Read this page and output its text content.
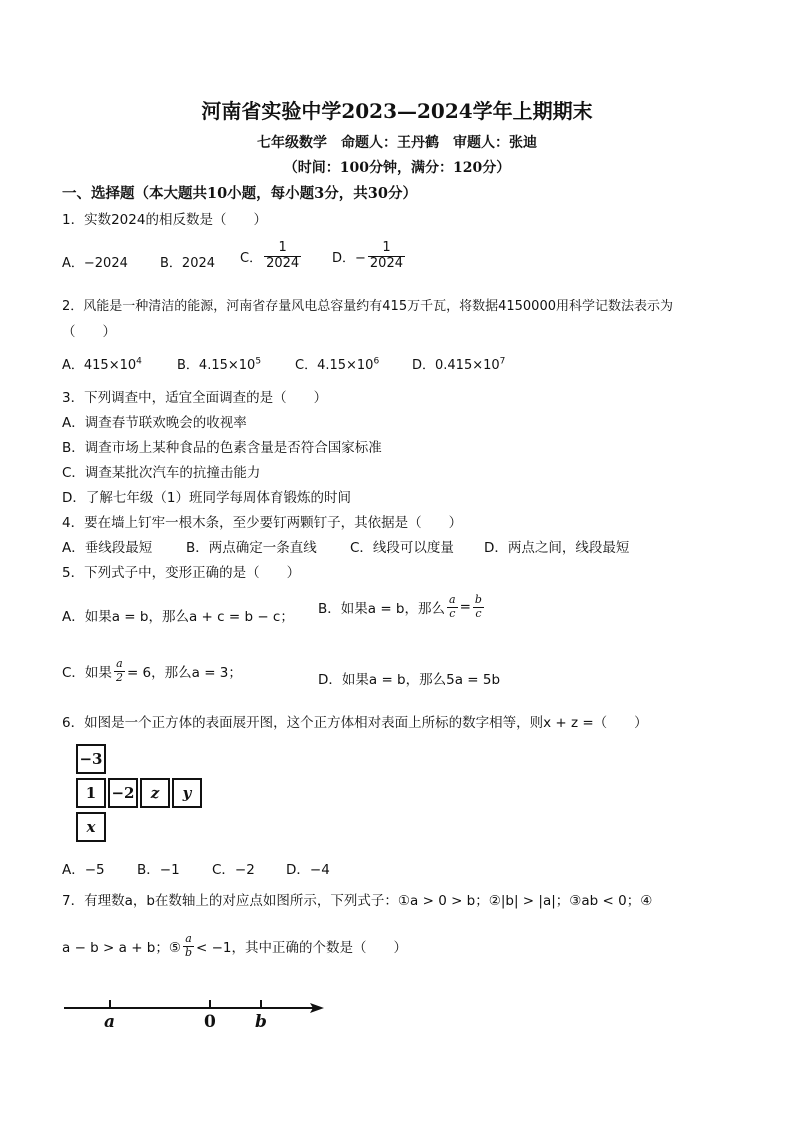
河南省实验中学2023—2024学年上期期末
七年级数学　命题人：王丹鹤　审题人：张迪
（时间：100分钟，满分：120分）
一、选择题（本大题共10小题，每小题3分，共30分）
1．实数2024的相反数是（　　）
A．−2024 B．2024 C． $\frac{1}{2024}$ D．− $\frac{1}{2024}$
2．风能是一种清洁的能源，河南省存量风电总容量约有415万千瓦，将数据4150000用科学记数法表示为
（　　）
A．$415\times 10^4$	B．$4.15\times 10^5$	C．$4.15\times 10^6$	D．$0.415\times 10^7$
3．下列调查中，适宜全面调查的是（　　）
A．调查春节联欢晚会的收视率
B．调查市场上某种食品的色素含量是否符合国家标准
C．调查某批次汽车的抗撞击能力
D．了解七年级（1）班同学每周体育锻炼的时间
4．要在墙上钉牢一根木条，至少要钉两颗钉子，其依据是（　　）
A．垂线段最短	B．两点确定一条直线 C．线段可以度量 D．两点之间，线段最短
5．下列式子中，变形正确的是（　　）
A．如果a = b，那么a + c = b − c； B．如果a = b，那么 $\frac{a}{c} = \frac{b}{c}$
C．如果 $\frac{a}{2} = 6$，那么a = 3；	D．如果a = b，那么5a = 5b
6．如图是一个正方体的表面展开图，这个正方体相对表面上所标的数字相等，则x + z =（　　）
−3
1	−2	z	y
x
A．−5 B．−1 C．−2 D．−4
7．有理数a，b在数轴上的对应点如图所示，下列式子：①a > 0 > b；②|b| > |a|；③ab < 0；④
a − b > a + b；⑤ $\frac{a}{b} < -1$，其中正确的个数是（　　）
a	0 b
